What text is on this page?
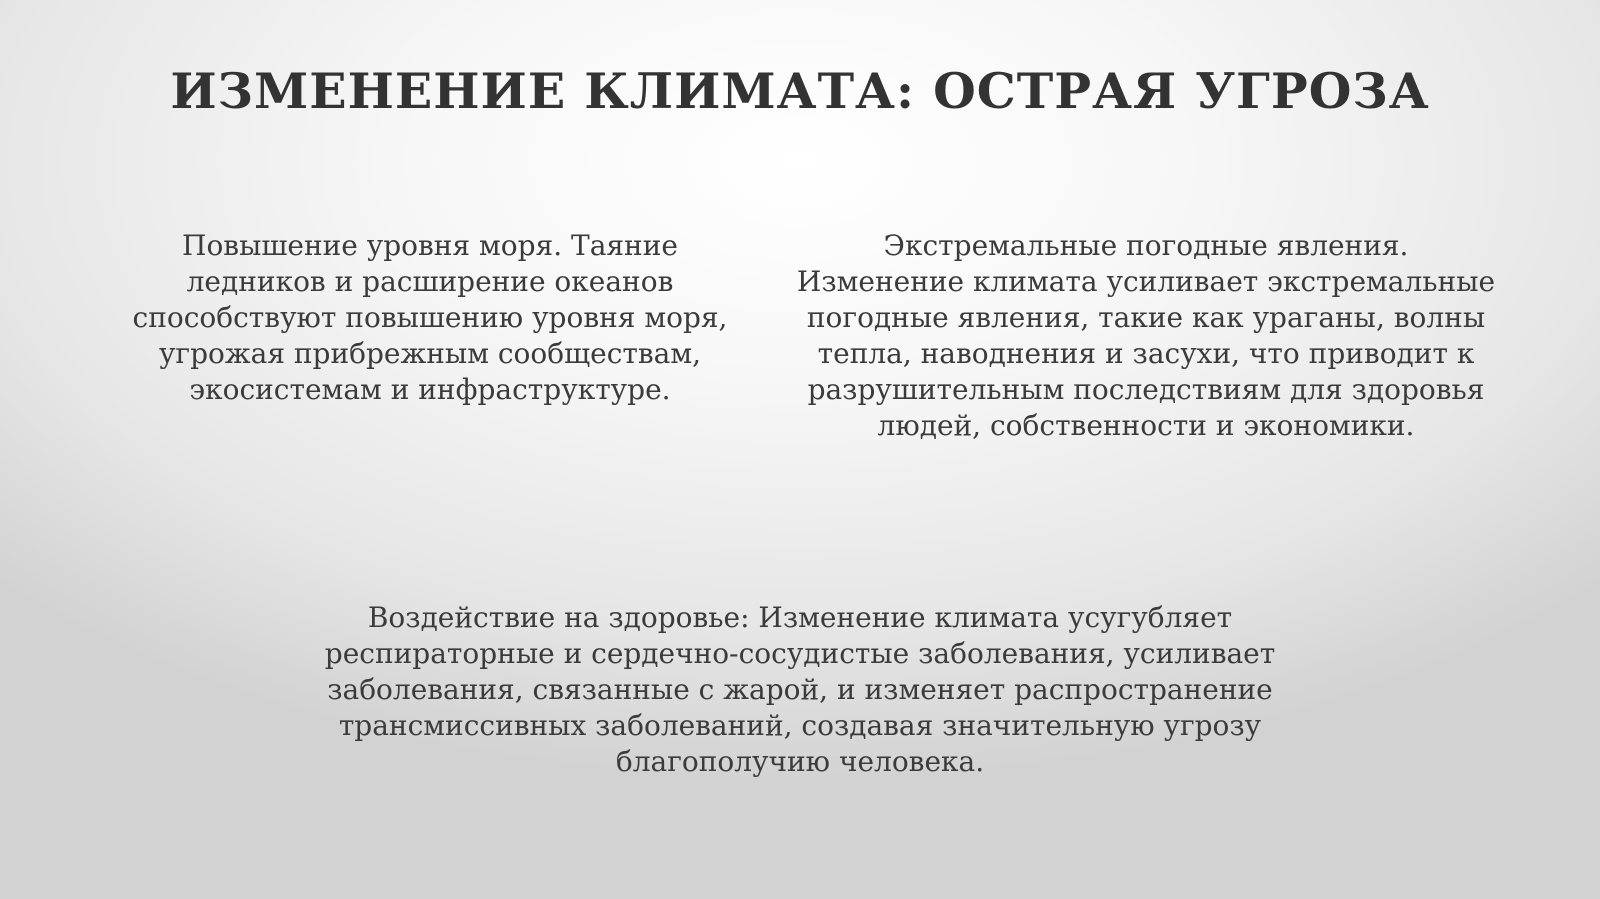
ИЗМЕНЕНИЕ КЛИМАТА: ОСТРАЯ УГРОЗА

Повышение уровня моря. Таяние ледников и расширение океанов способствуют повышению уровня моря, угрожая прибрежным сообществам, экосистемам и инфраструктуре.

Экстремальные погодные явления. Изменение климата усиливает экстремальные погодные явления, такие как ураганы, волны тепла, наводнения и засухи, что приводит к разрушительным последствиям для здоровья людей, собственности и экономики.

Воздействие на здоровье: Изменение климата усугубляет респираторные и сердечно-сосудистые заболевания, усиливает заболевания, связанные с жарой, и изменяет распространение трансмиссивных заболеваний, создавая значительную угрозу благополучию человека.
